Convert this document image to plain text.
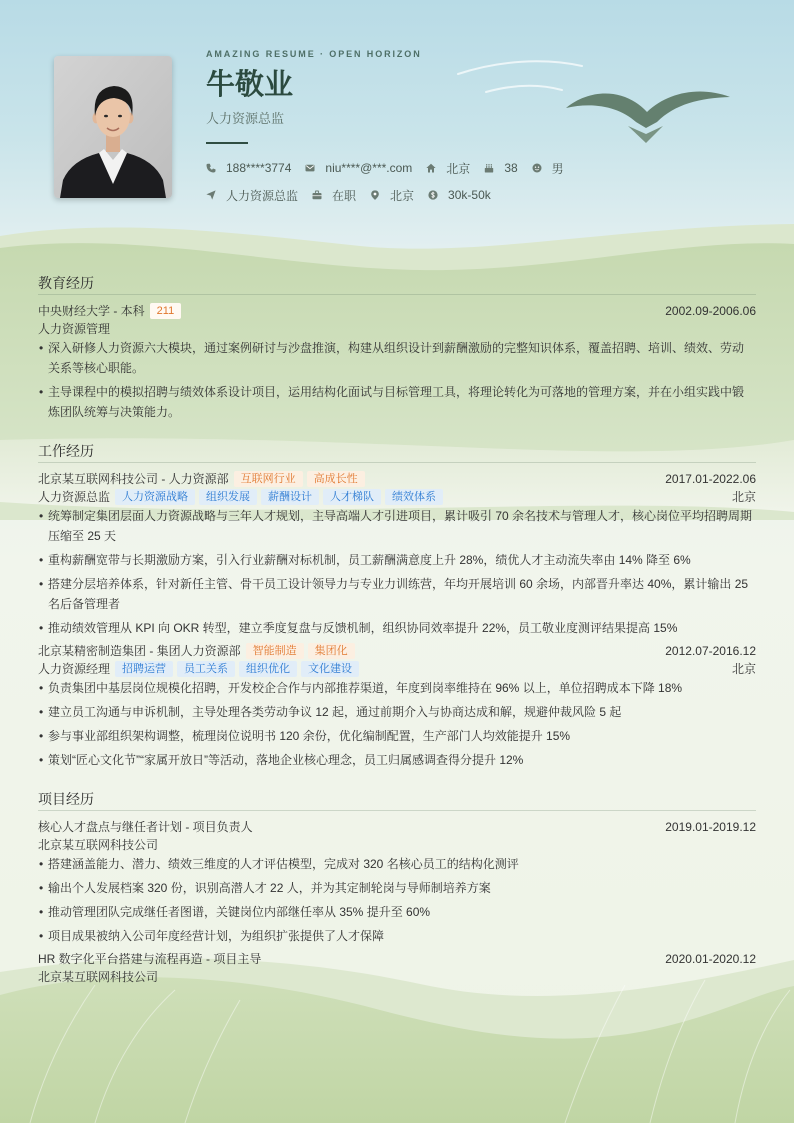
AMAZING RESUME · OPEN HORIZON
牛敬业
人力资源总监
188****3774	niu****@***.com	北京	38	男
人力资源总监	在职	北京	30k-50k
教育经历
中央财经大学 - 本科	211	2002.09-2006.06
人力资源管理
• 深入研修人力资源六大模块，通过案例研讨与沙盘推演，构建从组织设计到薪酬激励的完整知识体系，覆盖招聘、培训、绩效、劳动关系等核心职能。
• 主导课程中的模拟招聘与绩效体系设计项目，运用结构化面试与目标管理工具，将理论转化为可落地的管理方案，并在小组实践中锻炼团队统筹与决策能力。
工作经历
北京某互联网科技公司 - 人力资源部	互联网行业	高成长性	2017.01-2022.06
人力资源总监	人力资源战略	组织发展	薪酬设计	人才梯队	绩效体系	北京
• 统筹制定集团层面人力资源战略与三年人才规划，主导高端人才引进项目，累计吸引 70 余名技术与管理人才，核心岗位平均招聘周期压缩至 25 天
• 重构薪酬宽带与长期激励方案，引入行业薪酬对标机制，员工薪酬满意度上升 28%，绩优人才主动流失率由 14% 降至 6%
• 搭建分层培养体系，针对新任主管、骨干员工设计领导力与专业力训练营，年均开展培训 60 余场，内部晋升率达 40%，累计输出 25 名后备管理者
• 推动绩效管理从 KPI 向 OKR 转型，建立季度复盘与反馈机制，组织协同效率提升 22%，员工敬业度测评结果提高 15%
北京某精密制造集团 - 集团人力资源部	智能制造	集团化	2012.07-2016.12
人力资源经理	招聘运营	员工关系	组织优化	文化建设	北京
• 负责集团中基层岗位规模化招聘，开发校企合作与内部推荐渠道，年度到岗率维持在 96% 以上，单位招聘成本下降 18%
• 建立员工沟通与申诉机制，主导处理各类劳动争议 12 起，通过前期介入与协商达成和解，规避仲裁风险 5 起
• 参与事业部组织架构调整，梳理岗位说明书 120 余份，优化编制配置，生产部门人均效能提升 15%
• 策划“匠心文化节”“家属开放日”等活动，落地企业核心理念，员工归属感调查得分提升 12%
项目经历
核心人才盘点与继任者计划 - 项目负责人	2019.01-2019.12
北京某互联网科技公司
• 搭建涵盖能力、潜力、绩效三维度的人才评估模型，完成对 320 名核心员工的结构化测评
• 输出个人发展档案 320 份，识别高潜人才 22 人，并为其定制轮岗与导师制培养方案
• 推动管理团队完成继任者图谱，关键岗位内部继任率从 35% 提升至 60%
• 项目成果被纳入公司年度经营计划，为组织扩张提供了人才保障
HR 数字化平台搭建与流程再造 - 项目主导	2020.01-2020.12
北京某互联网科技公司
